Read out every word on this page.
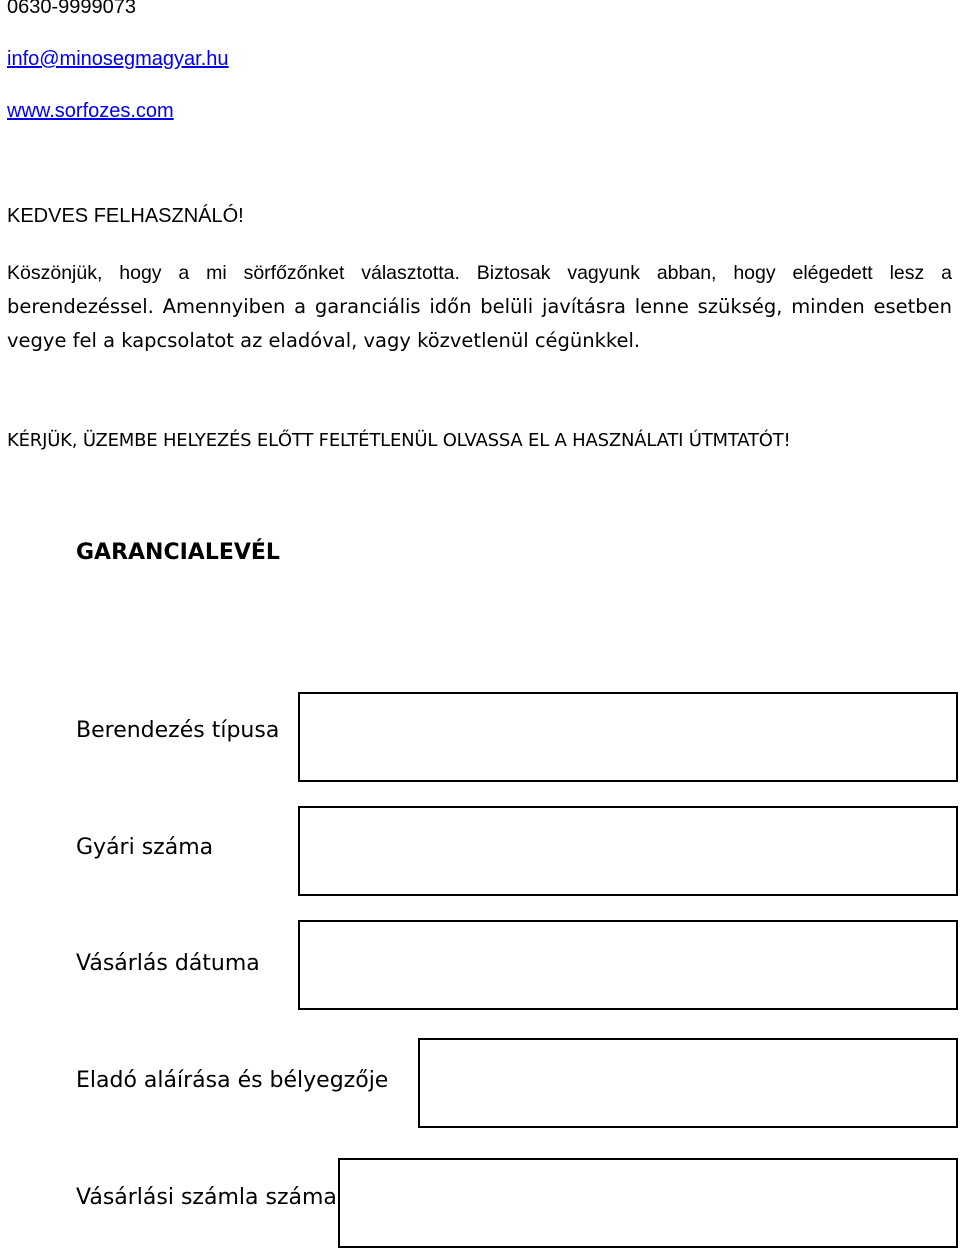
0630-9999073
info@minosegmagyar.hu
www.sorfozes.com
KEDVES FELHASZNÁLÓ!
Köszönjük, hogy a mi sörfőzőnket választotta. Biztosak vagyunk abban, hogy elégedett lesz a
berendezéssel. Amennyiben a garanciális időn belüli javításra lenne szükség, minden esetben
vegye fel a kapcsolatot az eladóval, vagy közvetlenül cégünkkel.
KÉRJÜK, ÜZEMBE HELYEZÉS ELŐTT FELTÉTLENÜL OLVASSA EL A HASZNÁLATI ÚTMTATÓT!
GARANCIALEVÉL
Berendezés típusa
Gyári száma
Vásárlás dátuma
Eladó aláírása és bélyegzője
Vásárlási számla száma
